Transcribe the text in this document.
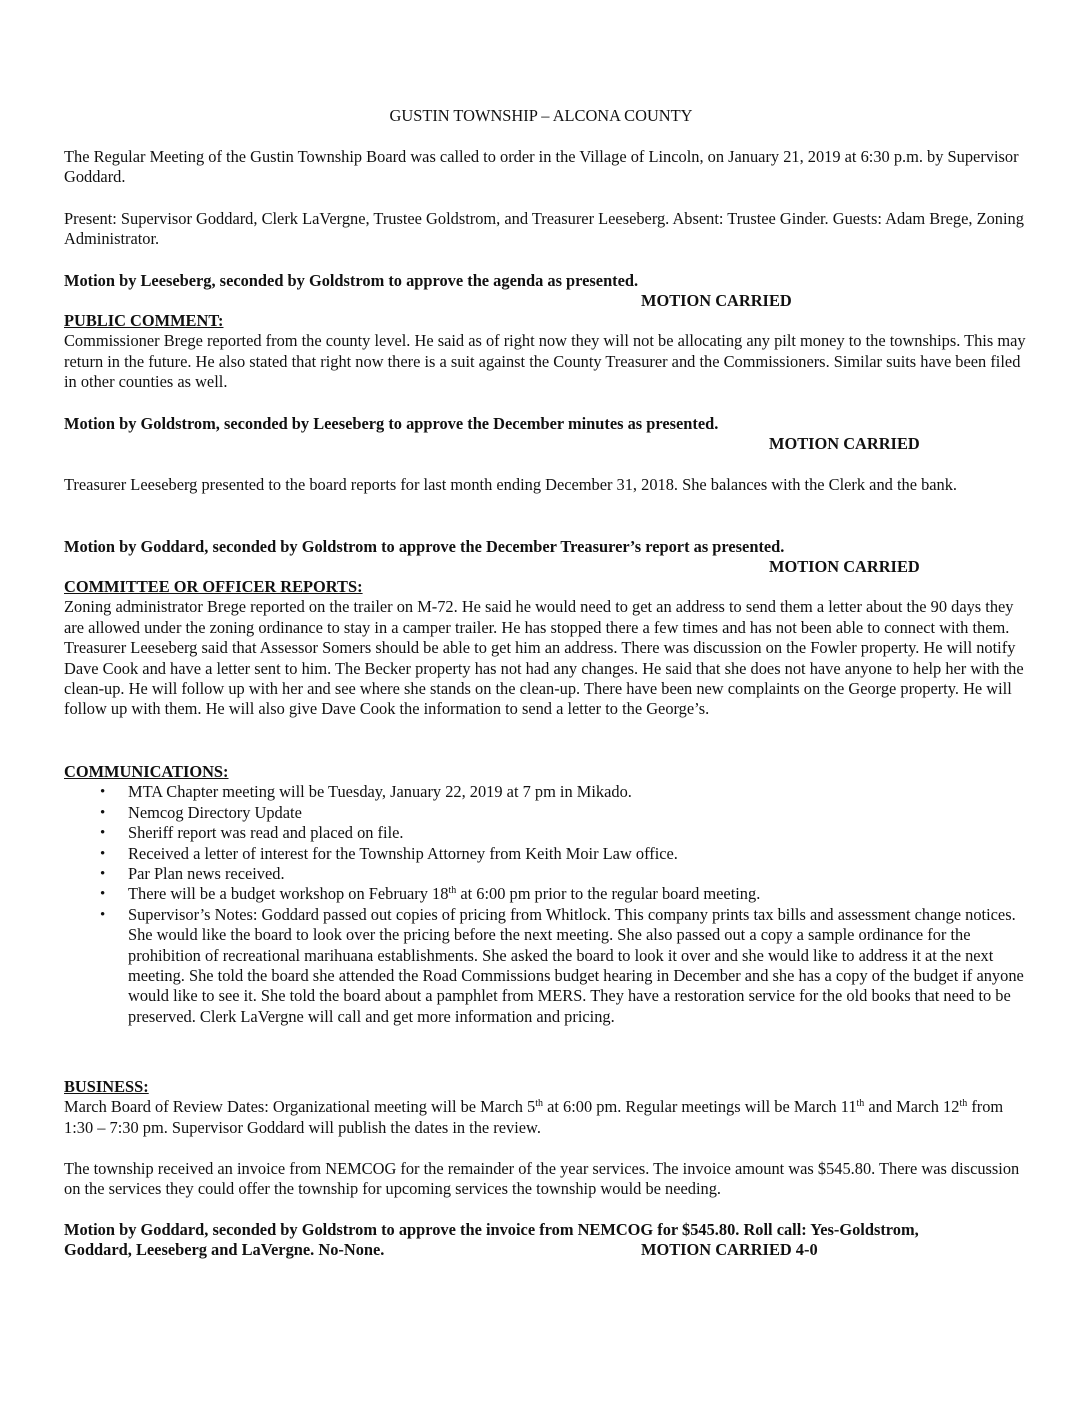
GUSTIN TOWNSHIP – ALCONA COUNTY

The Regular Meeting of the Gustin Township Board was called to order in the Village of Lincoln, on January 21, 2019 at 6:30 p.m. by Supervisor Goddard.

Present: Supervisor Goddard, Clerk LaVergne, Trustee Goldstrom, and Treasurer Leeseberg. Absent: Trustee Ginder. Guests: Adam Brege, Zoning Administrator.

Motion by Leeseberg, seconded by Goldstrom to approve the agenda as presented.

MOTION CARRIED

PUBLIC COMMENT:

Commissioner Brege reported from the county level. He said as of right now they will not be allocating any pilt money to the townships. This may return in the future. He also stated that right now there is a suit against the County Treasurer and the Commissioners. Similar suits have been filed in other counties as well.

Motion by Goldstrom, seconded by Leeseberg to approve the December minutes as presented.

MOTION CARRIED

Treasurer Leeseberg presented to the board reports for last month ending December 31, 2018. She balances with the Clerk and the bank.

Motion by Goddard, seconded by Goldstrom to approve the December Treasurer’s report as presented.

MOTION CARRIED

COMMITTEE OR OFFICER REPORTS:

Zoning administrator Brege reported on the trailer on M-72. He said he would need to get an address to send them a letter about the 90 days they are allowed under the zoning ordinance to stay in a camper trailer. He has stopped there a few times and has not been able to connect with them. Treasurer Leeseberg said that Assessor Somers should be able to get him an address. There was discussion on the Fowler property. He will notify Dave Cook and have a letter sent to him. The Becker property has not had any changes. He said that she does not have anyone to help her with the clean-up. He will follow up with her and see where she stands on the clean-up. There have been new complaints on the George property. He will follow up with them. He will also give Dave Cook the information to send a letter to the George’s.

COMMUNICATIONS:

• MTA Chapter meeting will be Tuesday, January 22, 2019 at 7 pm in Mikado.
• Nemcog Directory Update
• Sheriff report was read and placed on file.
• Received a letter of interest for the Township Attorney from Keith Moir Law office.
• Par Plan news received.
• There will be a budget workshop on February 18th at 6:00 pm prior to the regular board meeting.
• Supervisor’s Notes: Goddard passed out copies of pricing from Whitlock. This company prints tax bills and assessment change notices. She would like the board to look over the pricing before the next meeting. She also passed out a copy a sample ordinance for the prohibition of recreational marihuana establishments. She asked the board to look it over and she would like to address it at the next meeting. She told the board she attended the Road Commissions budget hearing in December and she has a copy of the budget if anyone would like to see it. She told the board about a pamphlet from MERS. They have a restoration service for the old books that need to be preserved. Clerk LaVergne will call and get more information and pricing.

BUSINESS:

March Board of Review Dates: Organizational meeting will be March 5th at 6:00 pm. Regular meetings will be March 11th and March 12th from 1:30 – 7:30 pm. Supervisor Goddard will publish the dates in the review.

The township received an invoice from NEMCOG for the remainder of the year services. The invoice amount was $545.80. There was discussion on the services they could offer the township for upcoming services the township would be needing.

Motion by Goddard, seconded by Goldstrom to approve the invoice from NEMCOG for $545.80. Roll call: Yes-Goldstrom,

Goddard, Leeseberg and LaVergne. No-None.	MOTION CARRIED 4-0
